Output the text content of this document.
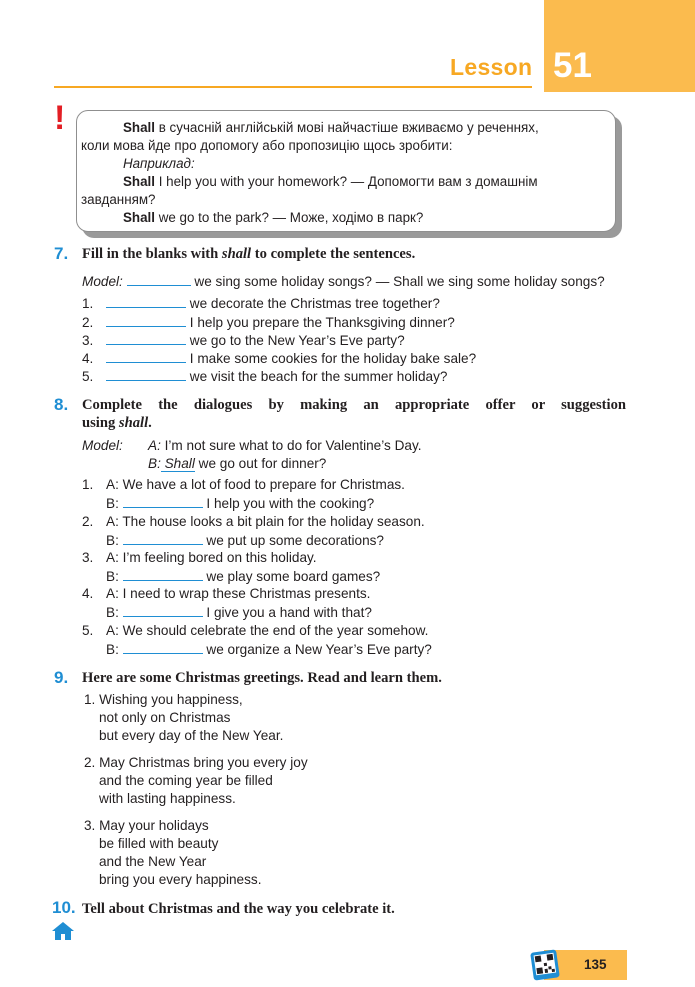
Lesson 51
!	Shall в сучасній англійській мові найчастіше вживаємо у реченнях,
коли мова йде про допомогу або пропозицію щось зробити:
Наприклад:
Shall I help you with your homework? — Допомогти вам з домашнім
завданням?
Shall we go to the park? — Може, ходімо в парк?
7. Fill in the blanks with shall to complete the sentences.
Model:	we sing some holiday songs? — Shall we sing some holiday songs?
1.	we decorate the Christmas tree together?
2.	I help you prepare the Thanksgiving dinner?
3.	we go to the New Year’s Eve party?
4.	I make some cookies for the holiday bake sale?
5.	we visit the beach for the summer holiday?
8. Complete the dialogues by making an appropriate offer or suggestion
using shall.
Model: A: I’m not sure what to do for Valentine’s Day.
B: Shall we go out for dinner?
1. A: We have a lot of food to prepare for Christmas.
B:	I help you with the cooking?
2. A: The house looks a bit plain for the holiday season.
B:	we put up some decorations?
3. A: I’m feeling bored on this holiday.
B:	we play some board games?
4. A: I need to wrap these Christmas presents.
B:	I give you a hand with that?
5. A: We should celebrate the end of the year somehow.
B:	we organize a New Year’s Eve party?
9. Here are some Christmas greetings. Read and learn them.
1. Wishing you happiness,
not only on Christmas
but every day of the New Year.
2. May Christmas bring you every joy
and the coming year be filled
with lasting happiness.
3. May your holidays
be filled with beauty
and the New Year
bring you every happiness.
10. Tell about Christmas and the way you celebrate it.
135
